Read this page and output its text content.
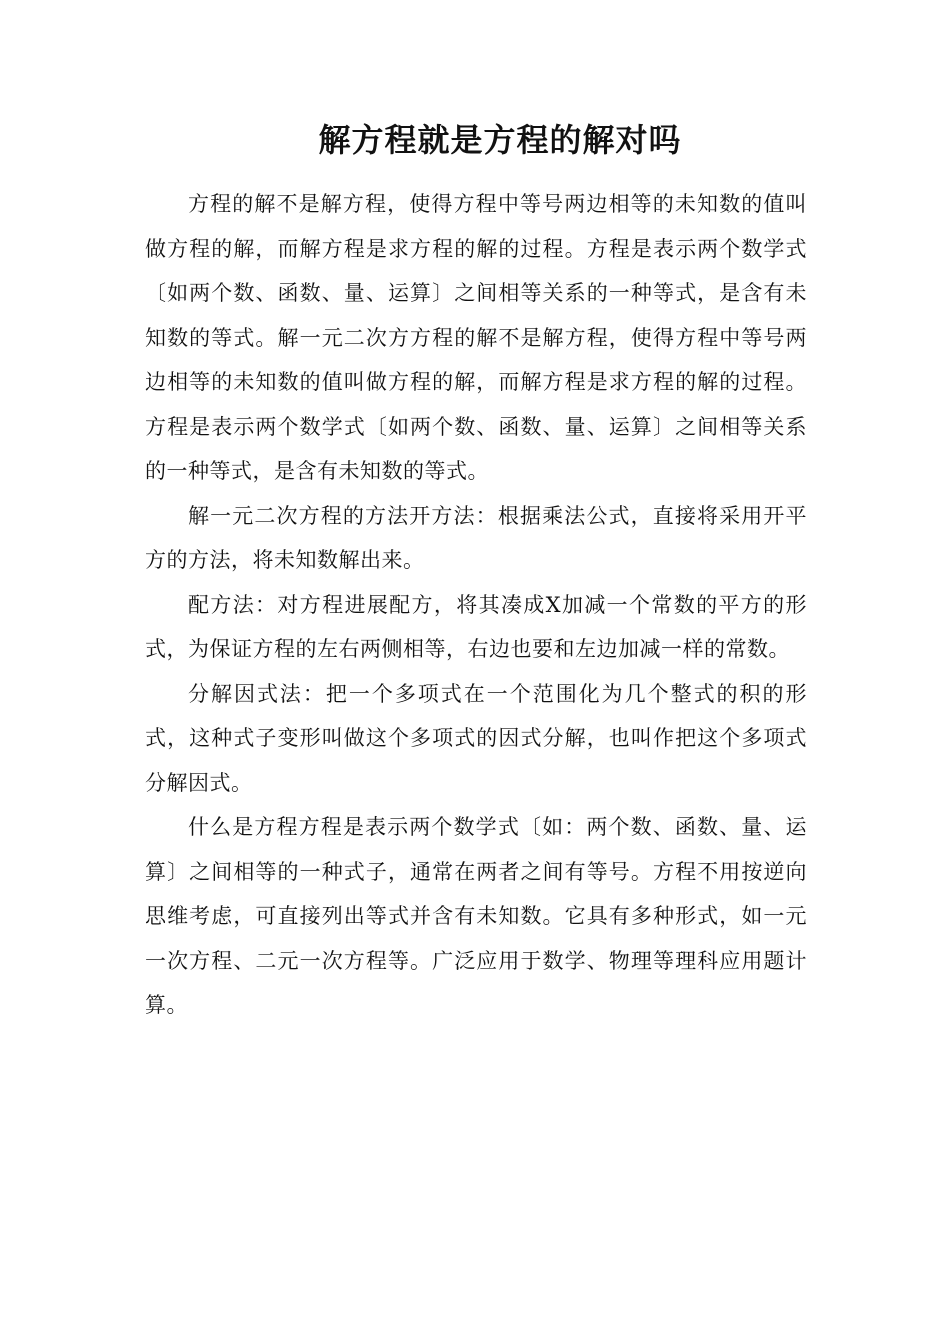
解方程就是方程的解对吗

方程的解不是解方程，使得方程中等号两边相等的未知数的值叫做方程的解，而解方程是求方程的解的过程。方程是表示两个数学式〔如两个数、函数、量、运算〕之间相等关系的一种等式，是含有未知数的等式。解一元二次方方程的解不是解方程，使得方程中等号两边相等的未知数的值叫做方程的解，而解方程是求方程的解的过程。方程是表示两个数学式〔如两个数、函数、量、运算〕之间相等关系的一种等式，是含有未知数的等式。

解一元二次方程的方法开方法：根据乘法公式，直接将采用开平方的方法，将未知数解出来。

配方法：对方程进展配方，将其凑成X加减一个常数的平方的形式，为保证方程的左右两侧相等，右边也要和左边加减一样的常数。

分解因式法：把一个多项式在一个范围化为几个整式的积的形式，这种式子变形叫做这个多项式的因式分解，也叫作把这个多项式分解因式。

什么是方程方程是表示两个数学式〔如：两个数、函数、量、运算〕之间相等的一种式子，通常在两者之间有等号。方程不用按逆向思维考虑，可直接列出等式并含有未知数。它具有多种形式，如一元一次方程、二元一次方程等。广泛应用于数学、物理等理科应用题计算。
